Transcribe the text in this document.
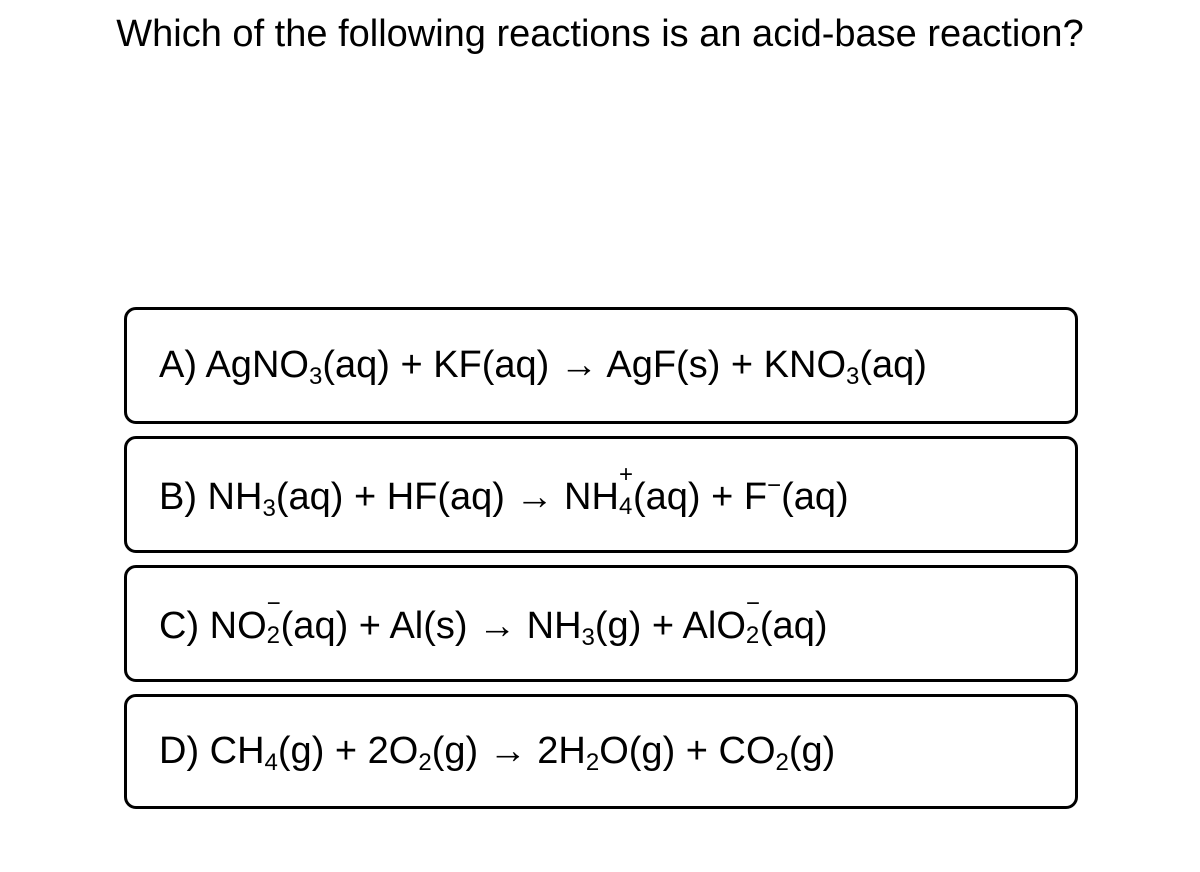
Which of the following reactions is an acid-base reaction?
A) AgNO$_3$(aq) + $KF(aq) \to AgF(s) + KNO_3(aq)$
B) $NH_3(aq) + HF(aq)$ → NH
+
4 (aq) + F−(aq)
C) NO
−
2 $(aq) + Al(s) \to NH_3(g)$ + AlO
−
2 (aq)
D) $CH_4(g) + 2O_2(g) \to 2H_2O(g) + CO_2(g)$
